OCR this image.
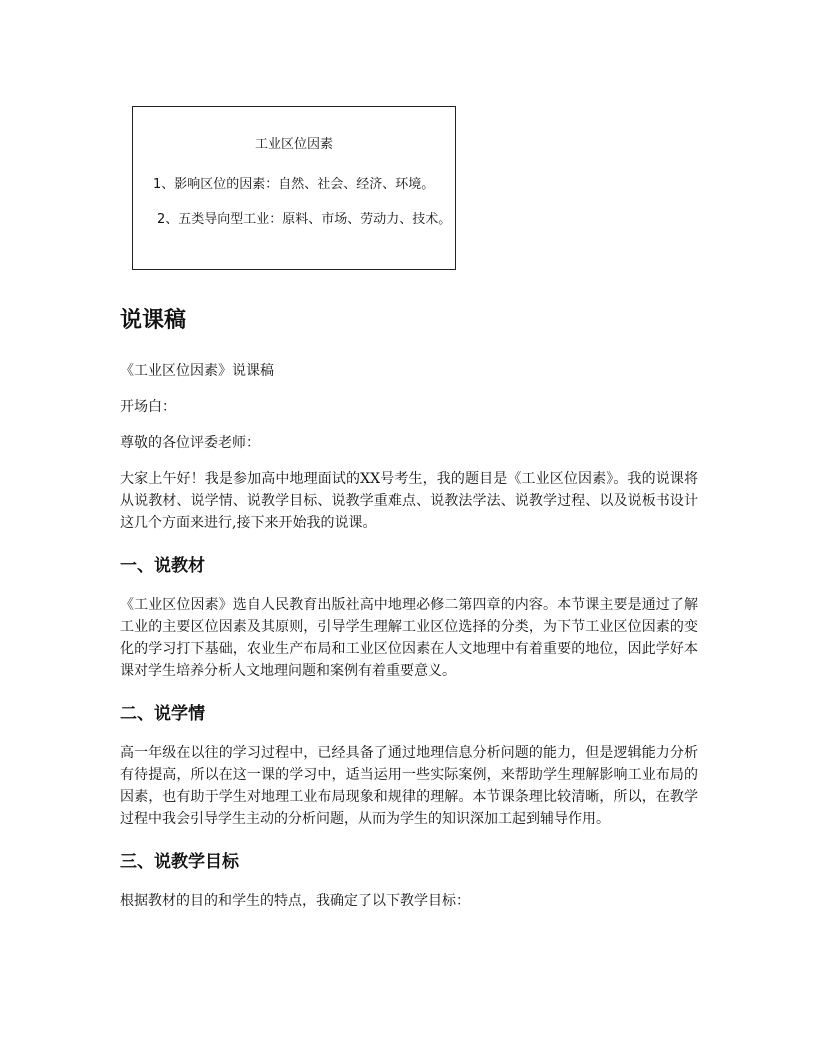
工业区位因素
1、影响区位的因素：自然、社会、经济、环境。
2、五类导向型工业：原料、市场、劳动力、技术。
说课稿

《工业区位因素》说课稿

开场白：

尊敬的各位评委老师：

大家上午好！我是参加高中地理面试的XX号考生，我的题目是《工业区位因素》。我的说课将从说教材、说学情、说教学目标、说教学重难点、说教法学法、说教学过程、以及说板书设计这几个方面来进行,接下来开始我的说课。

一、说教材

《工业区位因素》选自人民教育出版社高中地理必修二第四章的内容。本节课主要是通过了解工业的主要区位因素及其原则，引导学生理解工业区位选择的分类，为下节工业区位因素的变化的学习打下基础，农业生产布局和工业区位因素在人文地理中有着重要的地位，因此学好本课对学生培养分析人文地理问题和案例有着重要意义。

二、说学情

高一年级在以往的学习过程中，已经具备了通过地理信息分析问题的能力，但是逻辑能力分析有待提高，所以在这一课的学习中，适当运用一些实际案例，来帮助学生理解影响工业布局的因素，也有助于学生对地理工业布局现象和规律的理解。本节课条理比较清晰，所以，在教学过程中我会引导学生主动的分析问题，从而为学生的知识深加工起到辅导作用。

三、说教学目标

根据教材的目的和学生的特点，我确定了以下教学目标：
